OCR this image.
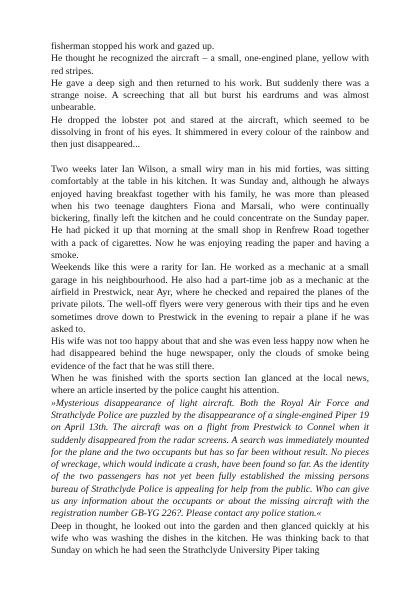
fisherman stopped his work and gazed up.

He thought he recognized the aircraft – a small, one-engined plane, yellow with red stripes.

He gave a deep sigh and then returned to his work. But suddenly there was a strange noise. A screeching that all but burst his eardrums and was almost unbearable.

He dropped the lobster pot and stared at the aircraft, which seemed to be dissolving in front of his eyes. It shimmered in every colour of the rainbow and then just disappeared...

Two weeks later Ian Wilson, a small wiry man in his mid forties, was sitting comfortably at the table in his kitchen. It was Sunday and, although he always enjoyed having breakfast together with his family, he was more than pleased when his two teenage daughters Fiona and Marsali, who were continually bickering, finally left the kitchen and he could concentrate on the Sunday paper. He had picked it up that morning at the small shop in Renfrew Road together with a pack of cigarettes. Now he was enjoying reading the paper and having a smoke.

Weekends like this were a rarity for Ian. He worked as a mechanic at a small garage in his neighbourhood. He also had a part-time job as a mechanic at the airfield in Prestwick, near Ayr, where he checked and repaired the planes of the private pilots. The well-off flyers were very generous with their tips and he even sometimes drove down to Prestwick in the evening to repair a plane if he was asked to.

His wife was not too happy about that and she was even less happy now when he had disappeared behind the huge newspaper, only the clouds of smoke being evidence of the fact that he was still there.

When he was finished with the sports section Ian glanced at the local news, where an article inserted by the police caught his attention.

»Mysterious disappearance of light aircraft. Both the Royal Air Force and Strathclyde Police are puzzled by the disappearance of a single-engined Piper 19 on April 13th. The aircraft was on a flight from Prestwick to Connel when it suddenly disappeared from the radar screens. A search was immediately mounted for the plane and the two occupants but has so far been without result. No pieces of wreckage, which would indicate a crash, have been found so far. As the identity of the two passengers has not yet been fully established the missing persons bureau of Strathclyde Police is appealing for help from the public. Who can give us any information about the occupants or about the missing aircraft with the registration number GB-YG 226?. Please contact any police station.«

Deep in thought, he looked out into the garden and then glanced quickly at his wife who was washing the dishes in the kitchen. He was thinking back to that Sunday on which he had seen the Strathclyde University Piper taking
